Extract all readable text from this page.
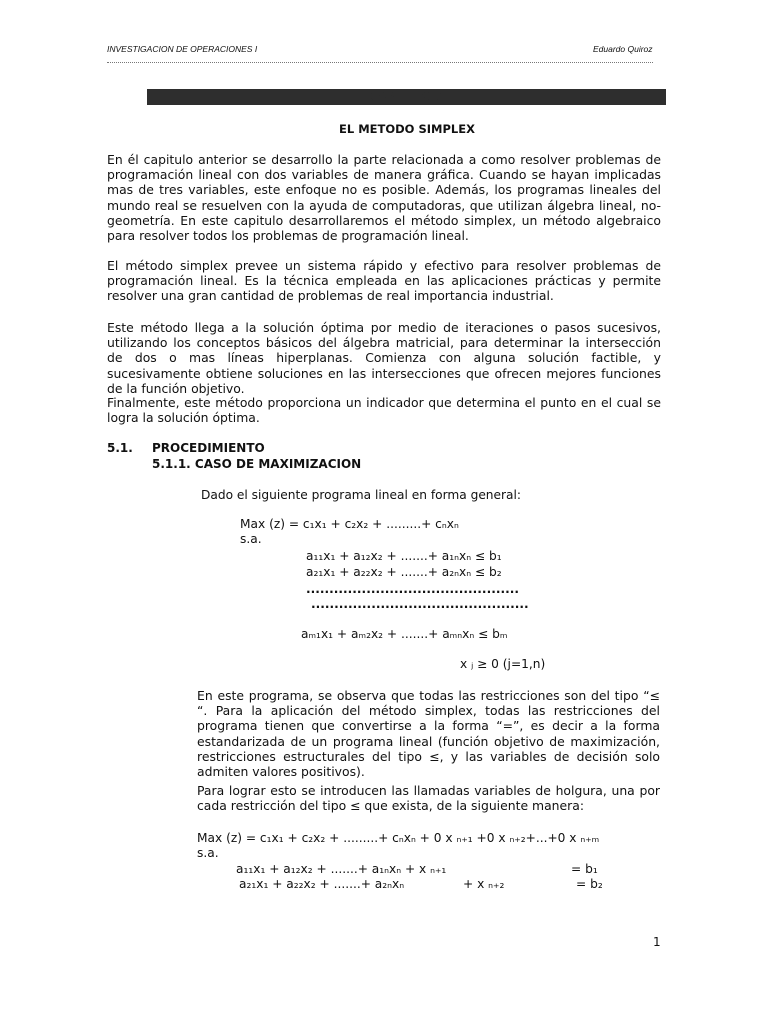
INVESTIGACION DE OPERACIONES I	Eduardo Quiroz
CAPITULO V
EL METODO SIMPLEX
En él capitulo anterior se desarrollo la parte relacionada a como resolver problemas de programación lineal con dos variables de manera gráfica. Cuando se hayan implicadas mas de tres variables, este enfoque no es posible. Además, los programas lineales del mundo real se resuelven con la ayuda de computadoras, que utilizan álgebra lineal, no-geometría. En este capitulo desarrollaremos el método simplex, un método algebraico para resolver todos los problemas de programación lineal.
El método simplex prevee un sistema rápido y efectivo para resolver problemas de programación lineal. Es la técnica empleada en las aplicaciones prácticas y permite resolver una gran cantidad de problemas de real importancia industrial.
Este método llega a la solución óptima por medio de iteraciones o pasos sucesivos, utilizando los conceptos básicos del álgebra matricial, para determinar la intersección de dos o mas líneas hiperplanas. Comienza con alguna solución factible, y sucesivamente obtiene soluciones en las intersecciones que ofrecen mejores funciones de la función objetivo.
Finalmente, este método proporciona un indicador que determina el punto en el cual se logra la solución óptima.
5.1. PROCEDIMIENTO
5.1.1. CASO DE MAXIMIZACION
Dado el siguiente programa lineal en forma general:
Max (z) = c₁x₁ + c₂x₂ + .........+ cₙxₙ
s.a.
a₁₁x₁ + a₁₂x₂ + .......+ a₁ₙxₙ ≤ b₁
a₂₁x₁ + a₂₂x₂ + .......+ a₂ₙxₙ ≤ b₂
..............................................
...............................................
aₘ₁x₁ + aₘ₂x₂ + .......+ aₘₙxₙ ≤ bₘ
x ⱼ ≥ 0 (j=1,n)
En este programa, se observa que todas las restricciones son del tipo “≤ “. Para la aplicación del método simplex, todas las restricciones del programa tienen que convertirse a la forma “=”, es decir a la forma estandarizada de un programa lineal (función objetivo de maximización, restricciones estructurales del tipo ≤, y las variables de decisión solo admiten valores positivos).
Para lograr esto se introducen las llamadas variables de holgura, una por cada restricción del tipo ≤ que exista, de la siguiente manera:
Max (z) = c₁x₁ + c₂x₂ + .........+ cₙxₙ + 0 x ₙ₊₁ +0 x ₙ₊₂+...+0 x ₙ₊ₘ
s.a.
a₁₁x₁ + a₁₂x₂ + .......+ a₁ₙxₙ + x ₙ₊₁	= b₁
a₂₁x₁ + a₂₂x₂ + .......+ a₂ₙxₙ	+ x ₙ₊₂	= b₂
1
